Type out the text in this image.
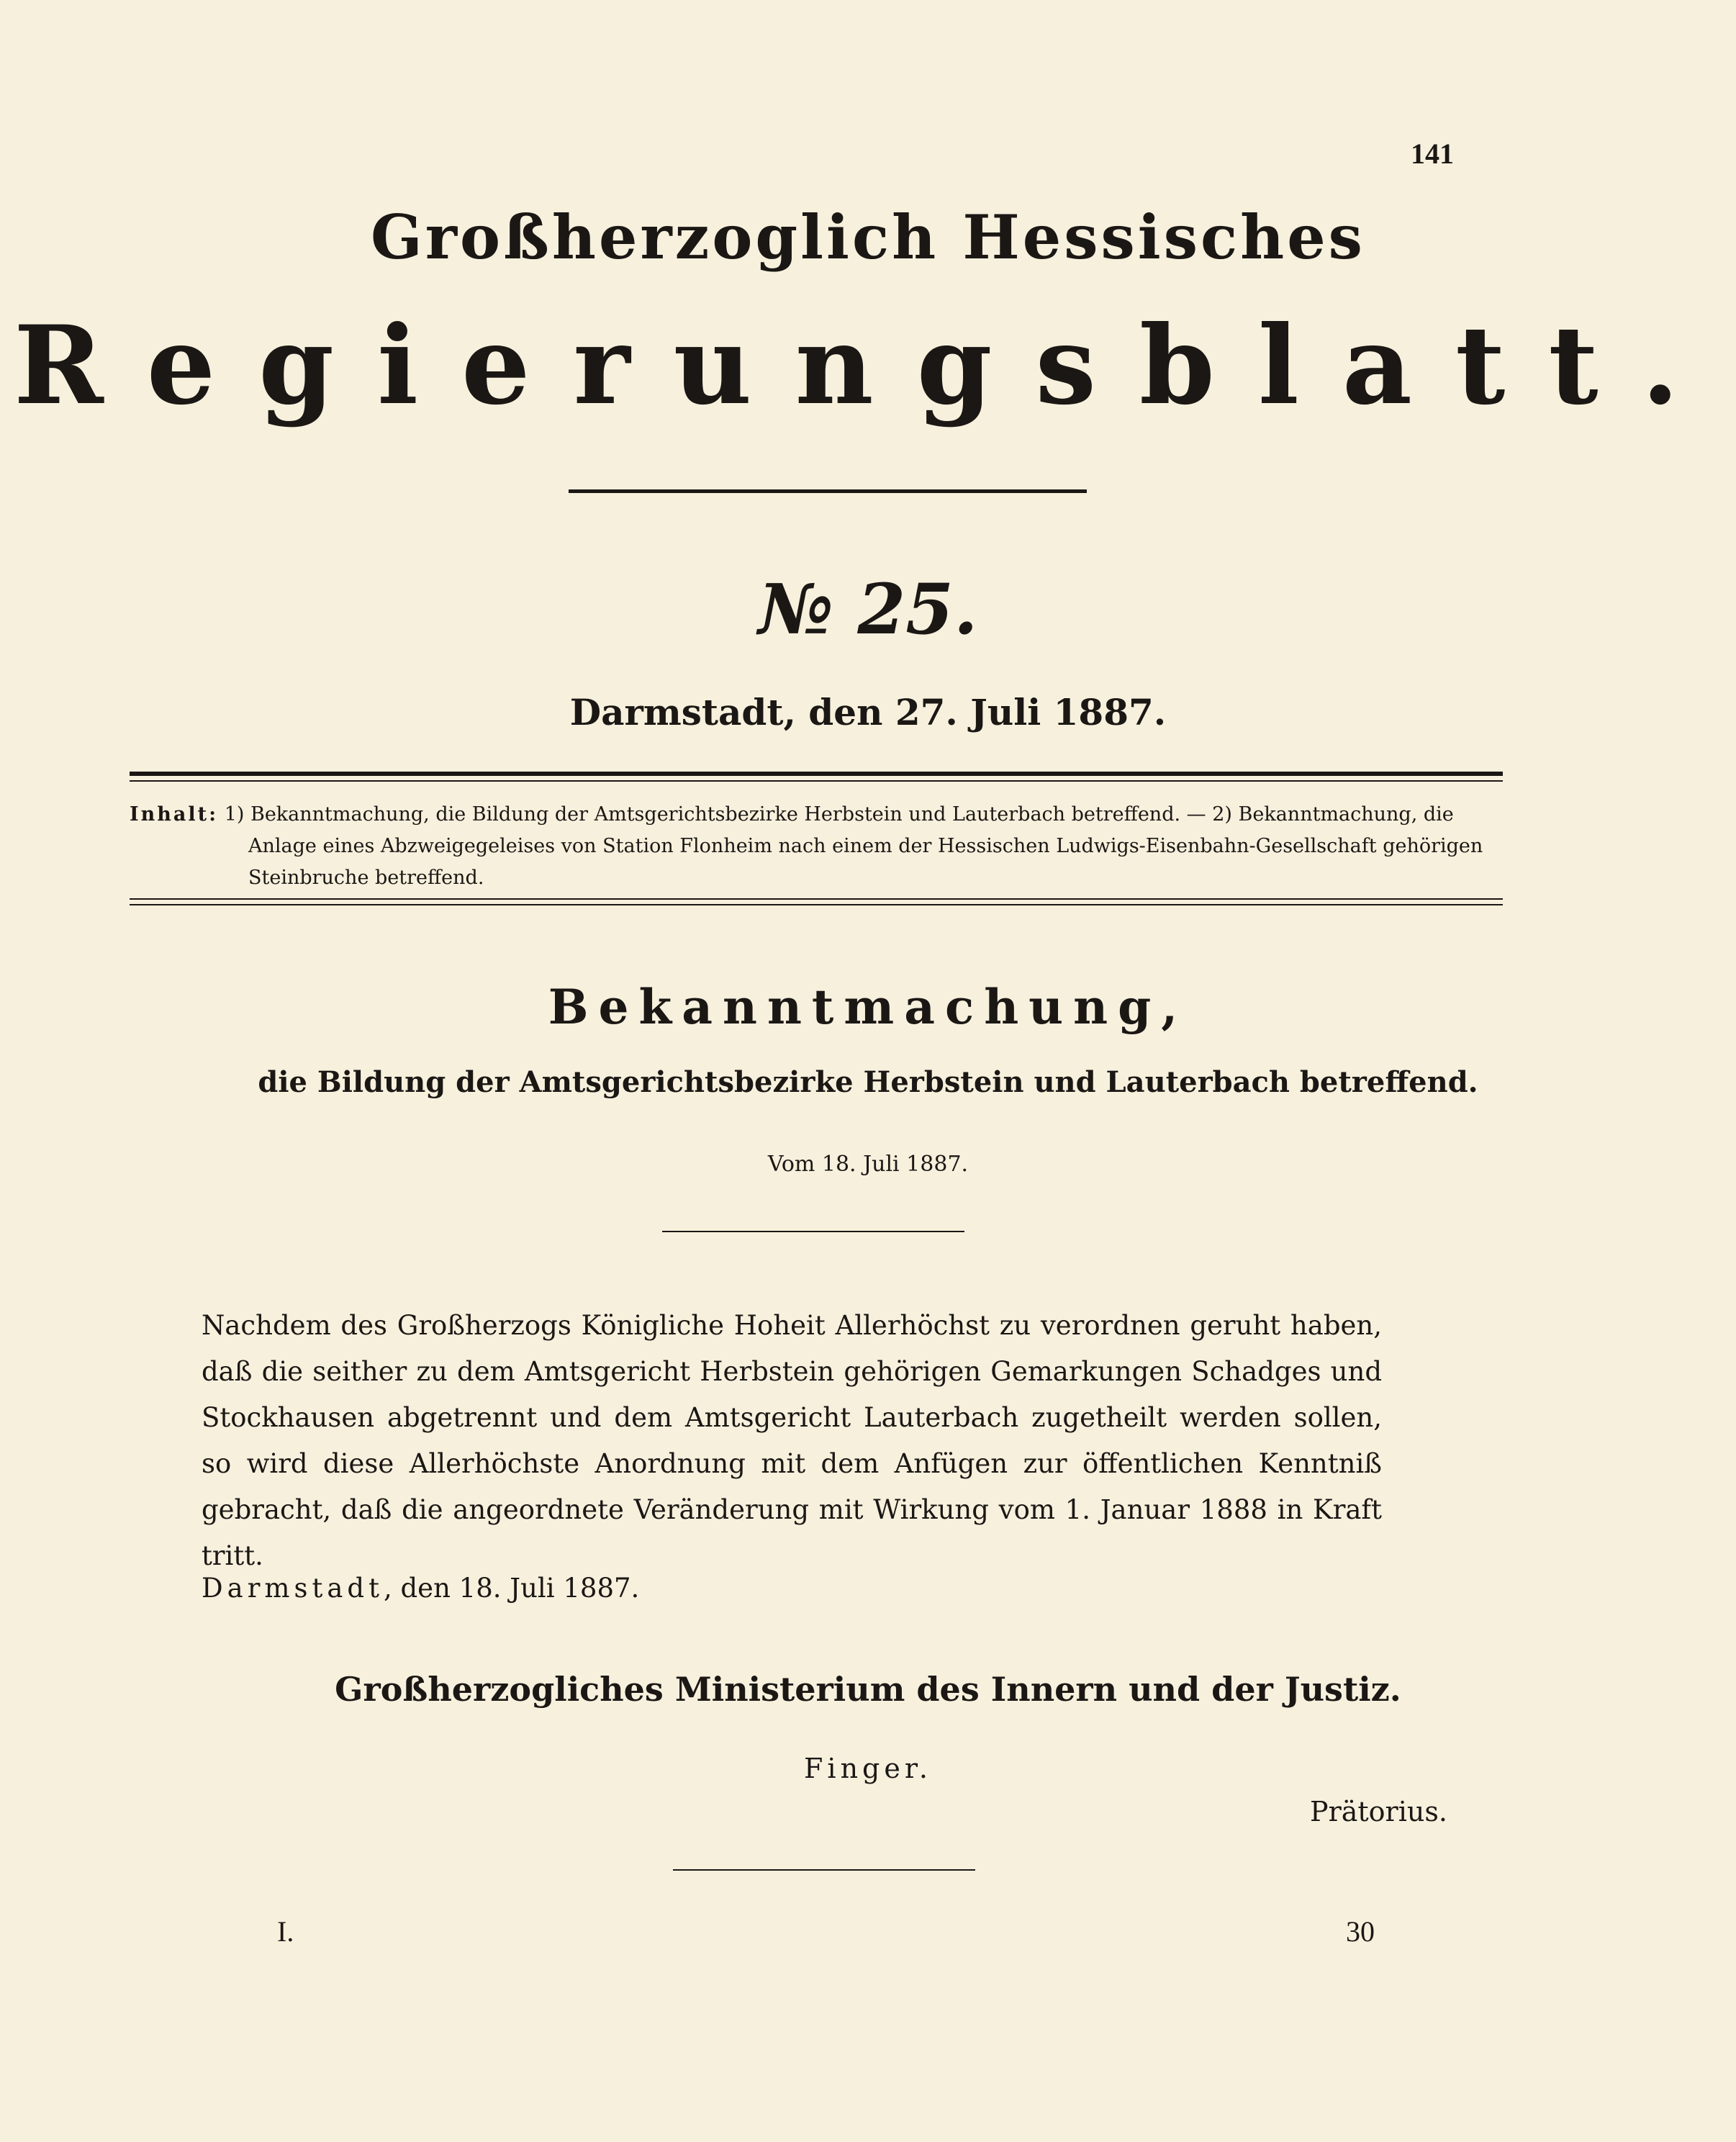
141
Großherzoglich Hessisches
Regierungsblatt.
№ 25.
Darmstadt, den 27. Juli 1887.
Inhalt: 1) Bekanntmachung, die Bildung der Amtsgerichtsbezirke Herbstein und Lauterbach betreffend. — 2) Bekanntmachung, die
Anlage eines Abzweigegeleises von Station Flonheim nach einem der Hessischen Ludwigs-Eisenbahn-Gesellschaft gehörigen
Steinbruche betreffend.
Bekanntmachung,
die Bildung der Amtsgerichtsbezirke Herbstein und Lauterbach betreffend.
Vom 18. Juli 1887.

Nachdem des Großherzogs Königliche Hoheit Allerhöchst zu verordnen geruht haben, daß die seither zu dem Amtsgericht Herbstein gehörigen Gemarkungen Schadges und Stockhausen abgetrennt und dem Amtsgericht Lauterbach zugetheilt werden sollen, so wird diese Allerhöchste Anordnung mit dem Anfügen zur öffentlichen Kenntniß gebracht, daß die angeordnete Veränderung mit Wirkung vom 1. Januar 1888 in Kraft tritt.

Darmstadt, den 18. Juli 1887.
Großherzogliches Ministerium des Innern und der Justiz.
Finger.
Prätorius.
I.	30
